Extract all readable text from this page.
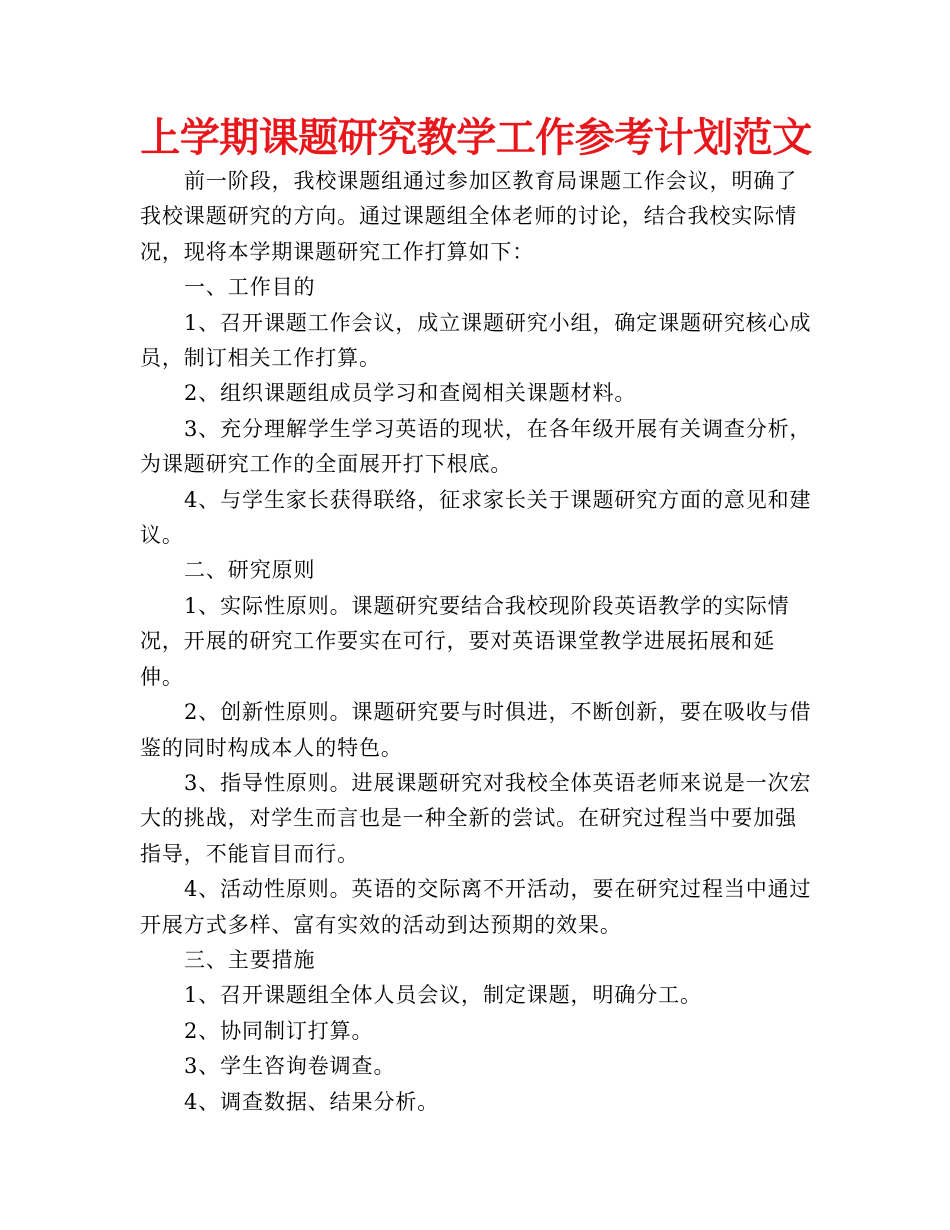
上学期课题研究教学工作参考计划范文

前一阶段，我校课题组通过参加区教育局课题工作会议，明确了我校课题研究的方向。通过课题组全体老师的讨论，结合我校实际情况，现将本学期课题研究工作打算如下：

一、工作目的

1、召开课题工作会议，成立课题研究小组，确定课题研究核心成员，制订相关工作打算。

2、组织课题组成员学习和查阅相关课题材料。

3、充分理解学生学习英语的现状，在各年级开展有关调查分析，为课题研究工作的全面展开打下根底。

4、与学生家长获得联络，征求家长关于课题研究方面的意见和建议。

二、研究原则

1、实际性原则。课题研究要结合我校现阶段英语教学的实际情况，开展的研究工作要实在可行，要对英语课堂教学进展拓展和延伸。

2、创新性原则。课题研究要与时俱进，不断创新，要在吸收与借鉴的同时构成本人的特色。

3、指导性原则。进展课题研究对我校全体英语老师来说是一次宏大的挑战，对学生而言也是一种全新的尝试。在研究过程当中要加强指导，不能盲目而行。

4、活动性原则。英语的交际离不开活动，要在研究过程当中通过开展方式多样、富有实效的活动到达预期的效果。

三、主要措施

1、召开课题组全体人员会议，制定课题，明确分工。

2、协同制订打算。

3、学生咨询卷调查。

4、调查数据、结果分析。
